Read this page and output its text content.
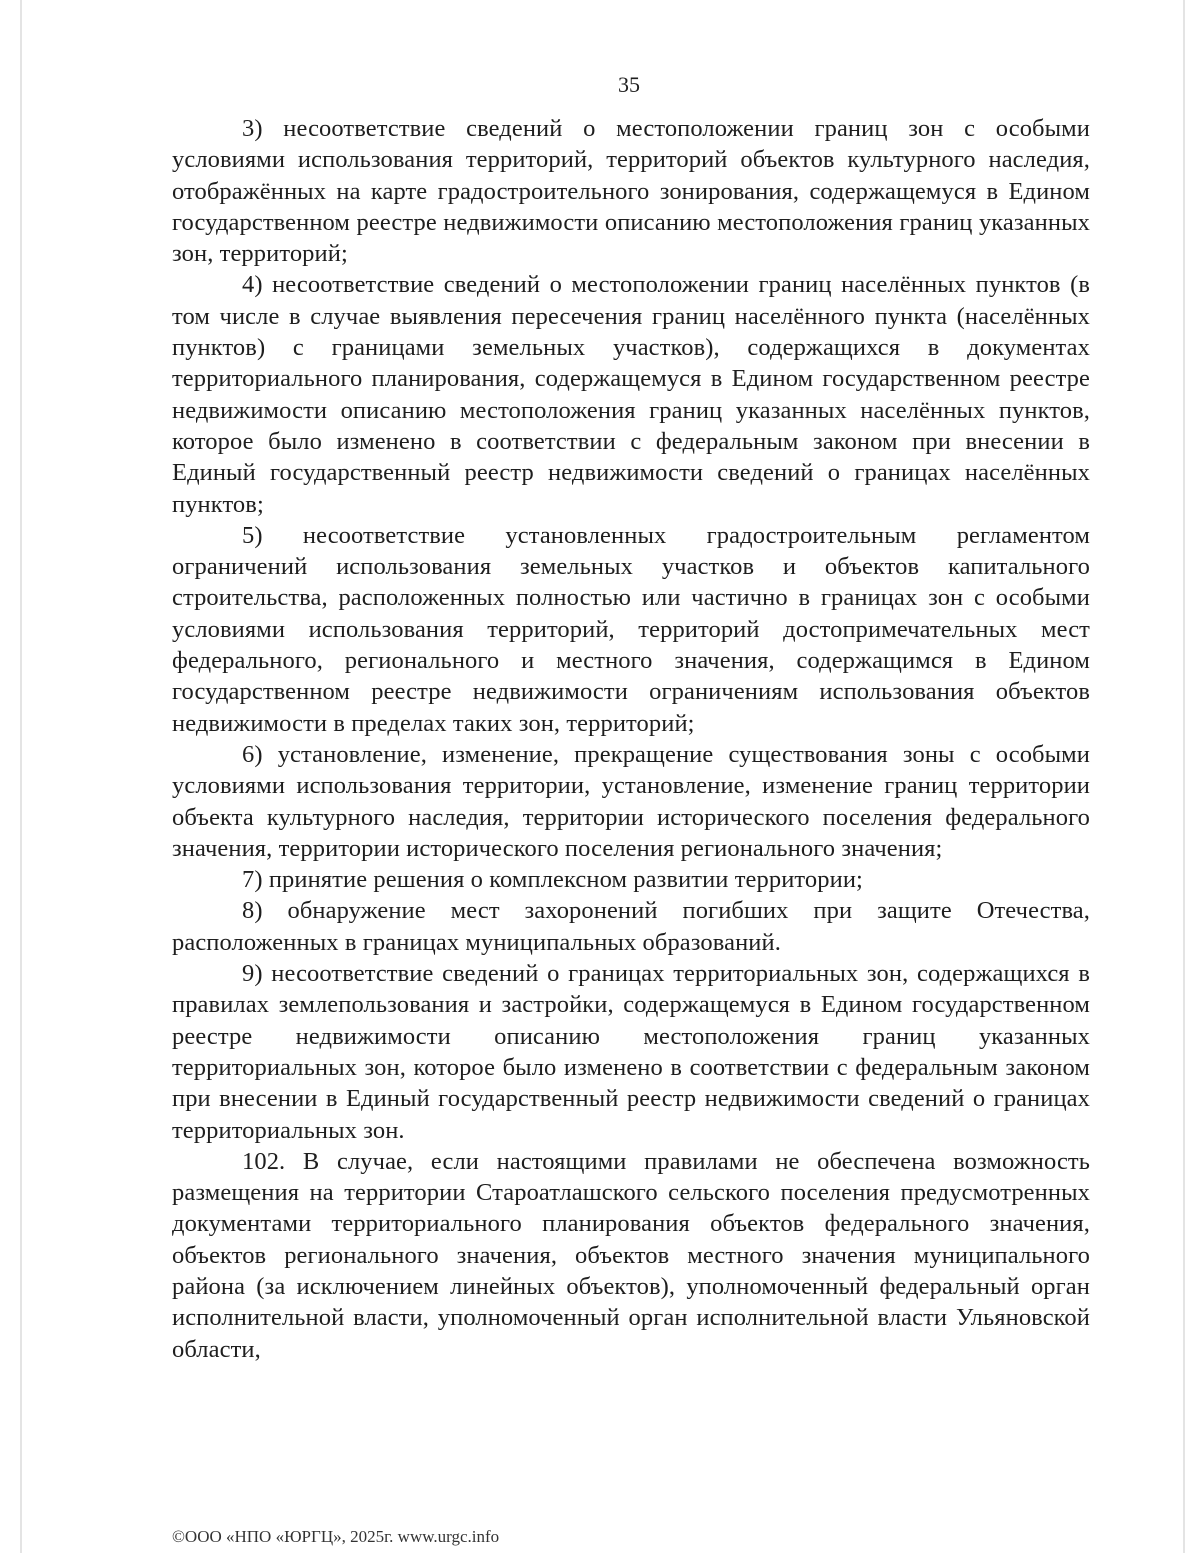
35

3) несоответствие сведений о местоположении границ зон с особыми условиями использования территорий, территорий объектов культурного наследия, отображённых на карте градостроительного зонирования, содержащемуся в Едином государственном реестре недвижимости описанию местоположения границ указанных зон, территорий;

4) несоответствие сведений о местоположении границ населённых пунктов (в том числе в случае выявления пересечения границ населённого пункта (населённых пунктов) с границами земельных участков), содержащихся в документах территориального планирования, содержащемуся в Едином государственном реестре недвижимости описанию местоположения границ указанных населённых пунктов, которое было изменено в соответствии с федеральным законом при внесении в Единый государственный реестр недвижимости сведений о границах населённых пунктов;

5) несоответствие установленных градостроительным регламентом ограничений использования земельных участков и объектов капитального строительства, расположенных полностью или частично в границах зон с особыми условиями использования территорий, территорий достопримечательных мест федерального, регионального и местного значения, содержащимся в Едином государственном реестре недвижимости ограничениям использования объектов недвижимости в пределах таких зон, территорий;

6) установление, изменение, прекращение существования зоны с особыми условиями использования территории, установление, изменение границ территории объекта культурного наследия, территории исторического поселения федерального значения, территории исторического поселения регионального значения;

7) принятие решения о комплексном развитии территории;

8) обнаружение мест захоронений погибших при защите Отечества, расположенных в границах муниципальных образований.

9) несоответствие сведений о границах территориальных зон, содержащихся в правилах землепользования и застройки, содержащемуся в Едином государственном реестре недвижимости описанию местоположения границ указанных территориальных зон, которое было изменено в соответствии с федеральным законом при внесении в Единый государственный реестр недвижимости сведений о границах территориальных зон.

102. В случае, если настоящими правилами не обеспечена возможность размещения на территории Староатлашского сельского поселения предусмотренных документами территориального планирования объектов федерального значения, объектов регионального значения, объектов местного значения муниципального района (за исключением линейных объектов), уполномоченный федеральный орган исполнительной власти, уполномоченный орган исполнительной власти Ульяновской области,

©ООО «НПО «ЮРГЦ», 2025г. www.urgc.info
